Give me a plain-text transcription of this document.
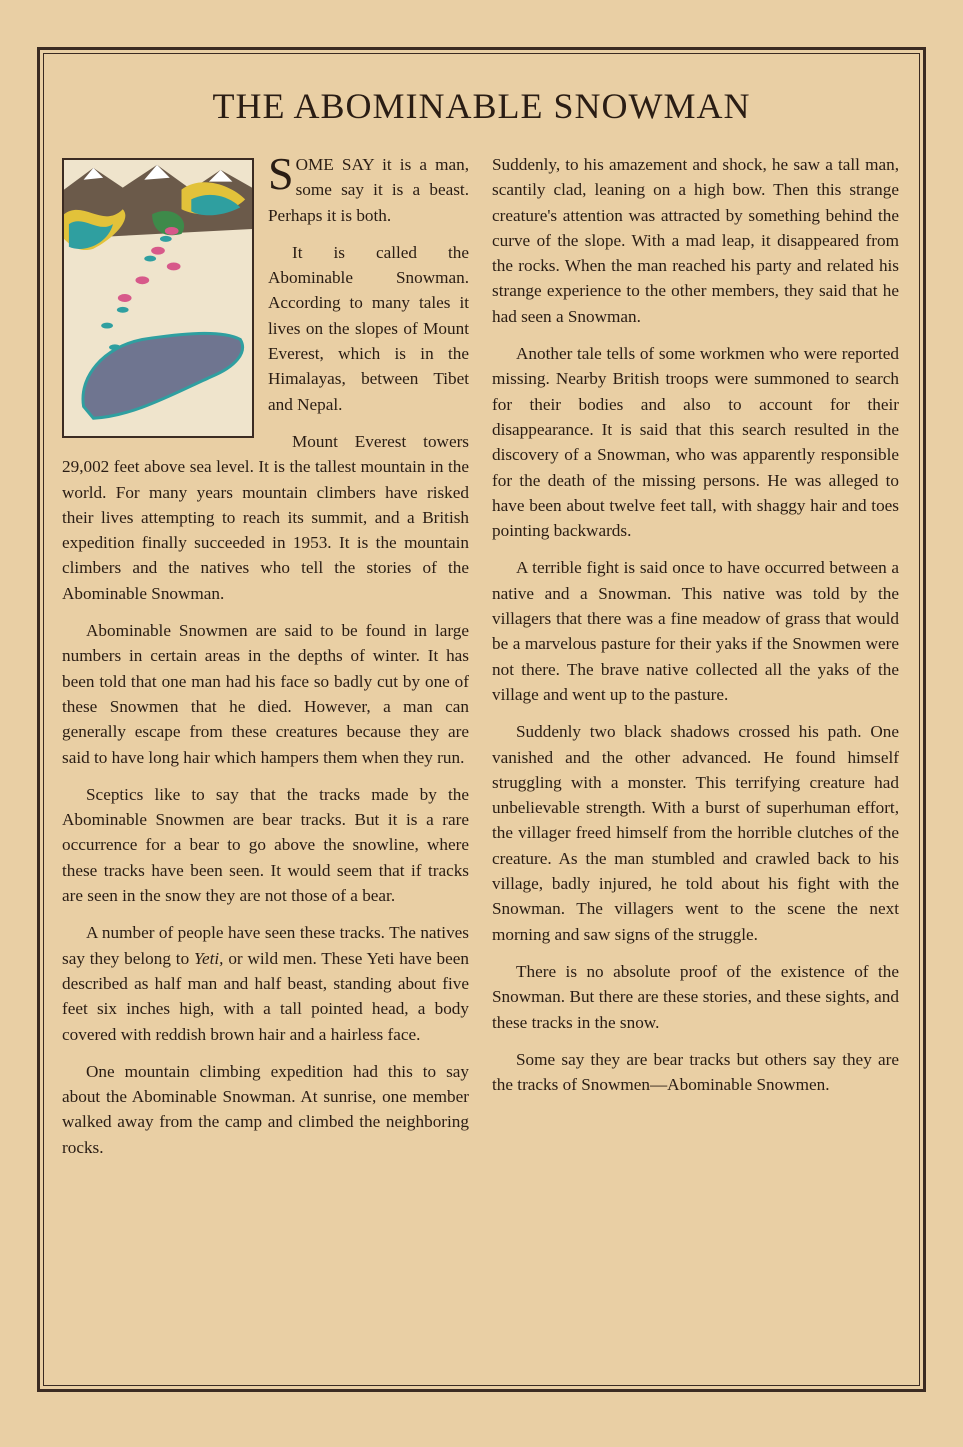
THE ABOMINABLE SNOWMAN

SOME SAY it is a man, some say it is a beast. Perhaps it is both.

It is called the Abominable Snowman. According to many tales it lives on the slopes of Mount Everest, which is in the Himalayas, between Tibet and Nepal.

Mount Everest towers 29,002 feet above sea level. It is the tallest mountain in the world. For many years mountain climbers have risked their lives attempting to reach its summit, and a British expedition finally succeeded in 1953. It is the mountain climbers and the natives who tell the stories of the Abominable Snowman.

Abominable Snowmen are said to be found in large numbers in certain areas in the depths of winter. It has been told that one man had his face so badly cut by one of these Snowmen that he died. However, a man can generally escape from these creatures because they are said to have long hair which hampers them when they run.

Sceptics like to say that the tracks made by the Abominable Snowmen are bear tracks. But it is a rare occurrence for a bear to go above the snowline, where these tracks have been seen. It would seem that if tracks are seen in the snow they are not those of a bear.

A number of people have seen these tracks. The natives say they belong to Yeti, or wild men. These Yeti have been described as half man and half beast, standing about five feet six inches high, with a tall pointed head, a body covered with reddish brown hair and a hairless face.

One mountain climbing expedition had this to say about the Abominable Snowman. At sunrise, one member walked away from the camp and climbed the neighboring rocks.

Suddenly, to his amazement and shock, he saw a tall man, scantily clad, leaning on a high bow. Then this strange creature's attention was attracted by something behind the curve of the slope. With a mad leap, it disappeared from the rocks. When the man reached his party and related his strange experience to the other members, they said that he had seen a Snowman.

Another tale tells of some workmen who were reported missing. Nearby British troops were summoned to search for their bodies and also to account for their disappearance. It is said that this search resulted in the discovery of a Snowman, who was apparently responsible for the death of the missing persons. He was alleged to have been about twelve feet tall, with shaggy hair and toes pointing backwards.

A terrible fight is said once to have occurred between a native and a Snowman. This native was told by the villagers that there was a fine meadow of grass that would be a marvelous pasture for their yaks if the Snowmen were not there. The brave native collected all the yaks of the village and went up to the pasture.

Suddenly two black shadows crossed his path. One vanished and the other advanced. He found himself struggling with a monster. This terrifying creature had unbelievable strength. With a burst of superhuman effort, the villager freed himself from the horrible clutches of the creature. As the man stumbled and crawled back to his village, badly injured, he told about his fight with the Snowman. The villagers went to the scene the next morning and saw signs of the struggle.

There is no absolute proof of the existence of the Snowman. But there are these stories, and these sights, and these tracks in the snow.

Some say they are bear tracks but others say they are the tracks of Snowmen—Abominable Snowmen.
